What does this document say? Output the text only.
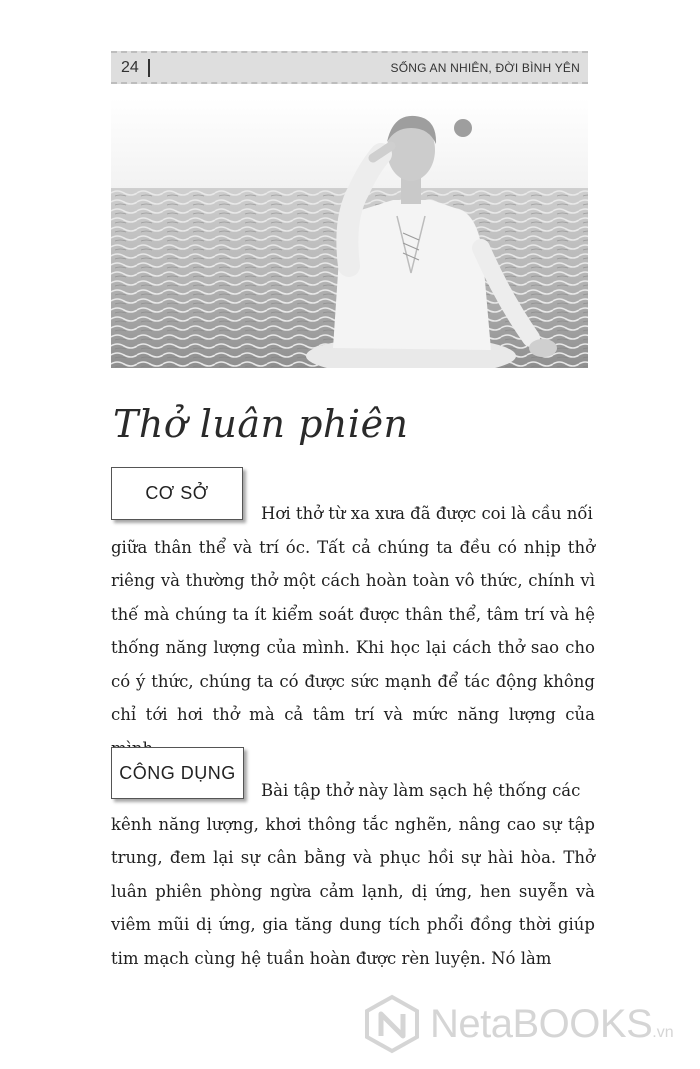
24	SỐNG AN NHIÊN, ĐỜI BÌNH YÊN
Thở luân phiên
CƠ SỞ

Hơi thở từ xa xưa đã được coi là cầu nối
giữa thân thể và trí óc. Tất cả chúng ta đều có nhịp thở riêng và thường thở một cách hoàn toàn vô thức, chính vì thế mà chúng ta ít kiểm soát được thân thể, tâm trí và hệ thống năng lượng của mình. Khi học lại cách thở sao cho có ý thức, chúng ta có được sức mạnh để tác động không chỉ tới hơi thở mà cả tâm trí và mức năng lượng của

CÔNG DỤNG

Bài tập thở này làm sạch hệ thống các
kênh năng lượng, khơi thông tắc nghẽn, nâng cao sự tập trung, đem lại sự cân bằng và phục hồi sự hài hòa. Thở luân phiên phòng ngừa cảm lạnh, dị ứng, hen suyễn và viêm mũi dị ứng, gia tăng dung tích phổi đồng thời giúp tim mạch cùng hệ tuần hoàn được rèn luyện. Nó làm

NetaBOOKS .vn
